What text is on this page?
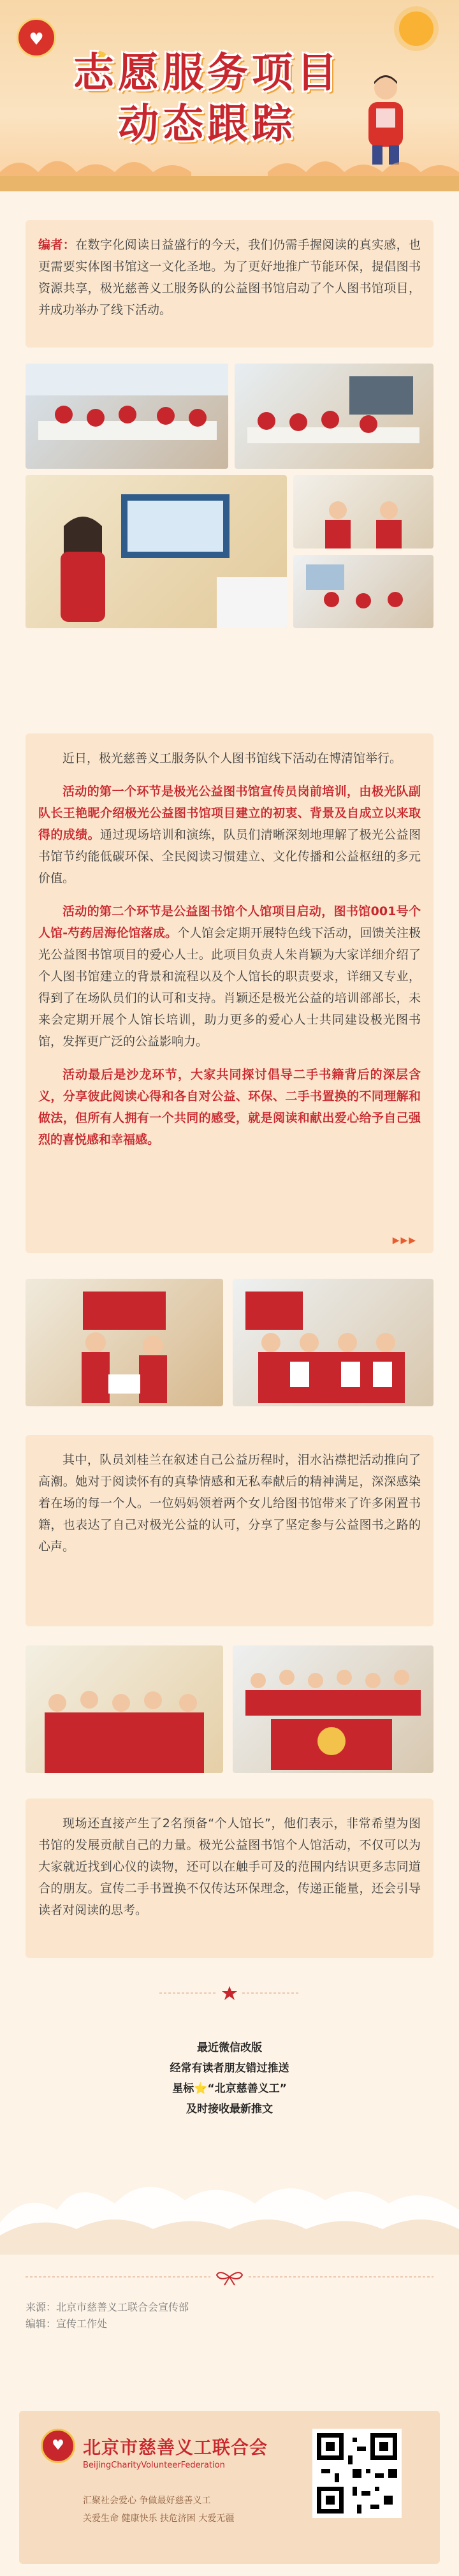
♥
志愿服务项目
动态跟踪

编者：在数字化阅读日益盛行的今天，我们仍需手握阅读的真实感，也更需要实体图书馆这一文化圣地。为了更好地推广节能环保，提倡图书资源共享，极光慈善义工服务队的公益图书馆启动了个人图书馆项目，并成功举办了线下活动。

近日，极光慈善义工服务队个人图书馆线下活动在博清馆举行。

活动的第一个环节是极光公益图书馆宣传员岗前培训，由极光队副队长王艳昵介绍极光公益图书馆项目建立的初衷、背景及自成立以来取得的成绩。通过现场培训和演练，队员们清晰深刻地理解了极光公益图书馆节约能低碳环保、全民阅读习惯建立、文化传播和公益枢纽的多元价值。

活动的第二个环节是公益图书馆个人馆项目启动，图书馆001号个人馆-芍药居海伦馆落成。个人馆会定期开展特色线下活动，回馈关注极光公益图书馆项目的爱心人士。此项目负责人朱肖颖为大家详细介绍了个人图书馆建立的背景和流程以及个人馆长的职责要求，详细又专业，得到了在场队员们的认可和支持。肖颖还是极光公益的培训部部长，未来会定期开展个人馆长培训，助力更多的爱心人士共同建设极光图书馆，发挥更广泛的公益影响力。

活动最后是沙龙环节，大家共同探讨倡导二手书籍背后的深层含义，分享彼此阅读心得和各自对公益、环保、二手书置换的不同理解和做法，但所有人拥有一个共同的感受，就是阅读和献出爱心给予自己强烈的喜悦感和幸福感。

▶▶▶

其中，队员刘桂兰在叙述自己公益历程时，泪水沾襟把活动推向了高潮。她对于阅读怀有的真挚情感和无私奉献后的精神满足，深深感染着在场的每一个人。一位妈妈领着两个女儿给图书馆带来了许多闲置书籍，也表达了自己对极光公益的认可，分享了坚定参与公益图书之路的心声。

现场还直接产生了2名预备“个人馆长”，他们表示，非常希望为图书馆的发展贡献自己的力量。极光公益图书馆个人馆活动，不仅可以为大家就近找到心仪的读物，还可以在触手可及的范围内结识更多志同道合的朋友。宣传二手书置换不仅传达环保理念，传递正能量，还会引导读者对阅读的思考。

最近微信改版
经常有读者朋友错过推送
星标⭐“北京慈善义工”
及时接收最新推文
来源：北京市慈善义工联合会宣传部
编辑：宣传工作处
♥	北京市慈善义工联合会
BeijingCharityVolunteerFederation
汇聚社会爱心 争做最好慈善义工
关爱生命 健康快乐 扶危济困 大爱无疆
